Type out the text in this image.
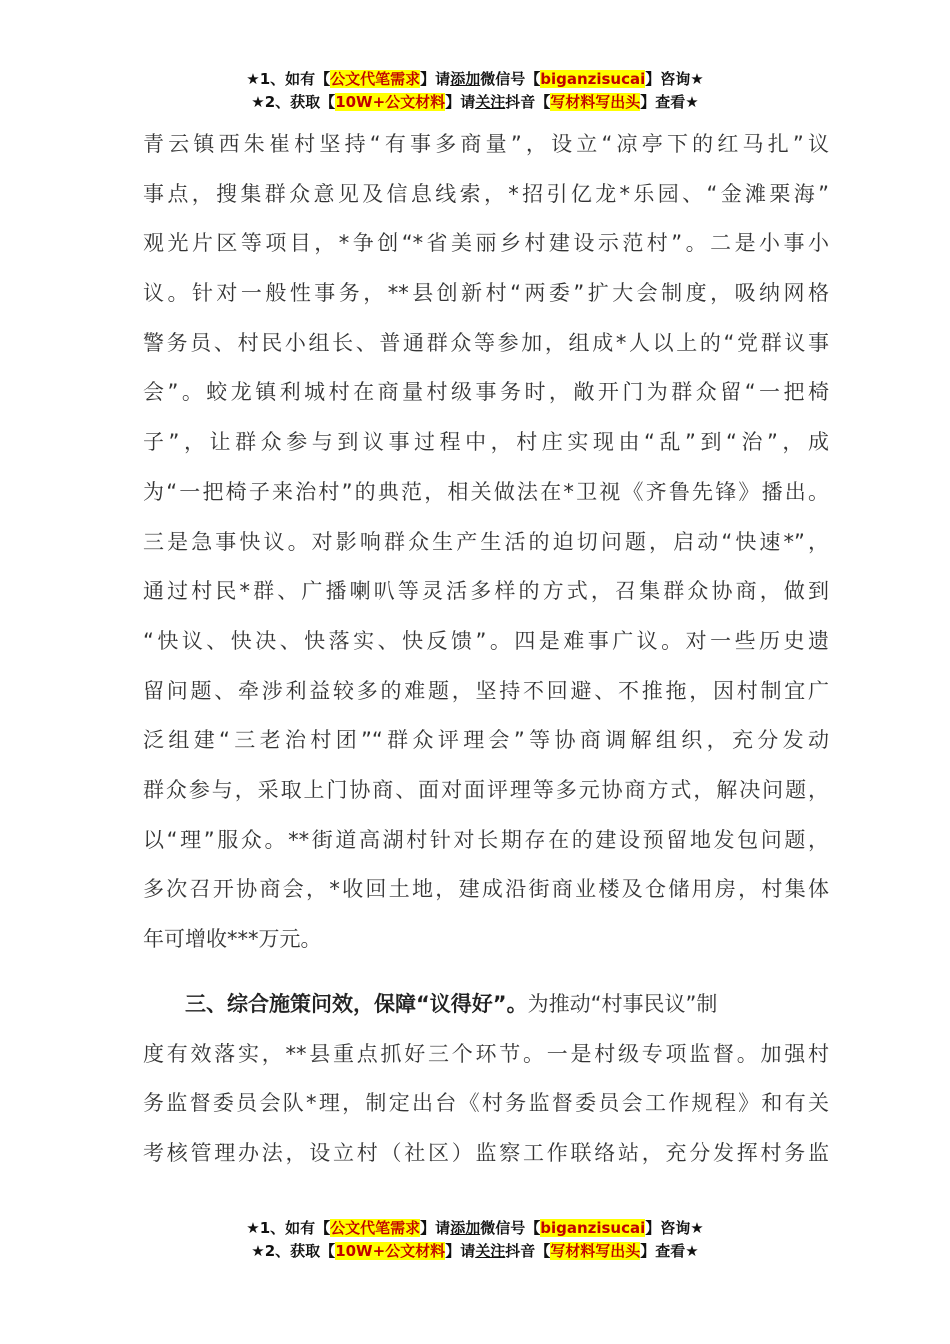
★1、如有【公文代笔需求】请添加微信号【biganzisucai】咨询★
★2、获取【10W+公文材料】请关注抖音【写材料写出头】查看★
青云镇西朱崔村坚持“有事多商量”，设立“凉亭下的红马扎”议
事点，搜集群众意见及信息线索，*招引亿龙*乐园、“金滩栗海”
观光片区等项目，*争创“*省美丽乡村建设示范村”。二是小事小
议。针对一般性事务，**县创新村“两委”扩大会制度，吸纳网格
警务员、村民小组长、普通群众等参加，组成*人以上的“党群议事
会”。蛟龙镇利城村在商量村级事务时，敞开门为群众留“一把椅
子”，让群众参与到议事过程中，村庄实现由“乱”到“治”，成
为“一把椅子来治村”的典范，相关做法在*卫视《齐鲁先锋》播出。
三是急事快议。对影响群众生产生活的迫切问题，启动“快速*”，
通过村民*群、广播喇叭等灵活多样的方式，召集群众协商，做到
“快议、快决、快落实、快反馈”。四是难事广议。对一些历史遗
留问题、牵涉利益较多的难题，坚持不回避、不推拖，因村制宜广
泛组建“三老治村团”“群众评理会”等协商调解组织，充分发动
群众参与，采取上门协商、面对面评理等多元协商方式，解决问题，
以“理”服众。**街道高湖村针对长期存在的建设预留地发包问题，
多次召开协商会，*收回土地，建成沿街商业楼及仓储用房，村集体
年可增收***万元。
三、综合施策问效，保障“议得好”。为推动“村事民议”制
度有效落实，**县重点抓好三个环节。一是村级专项监督。加强村
务监督委员会队*理，制定出台《村务监督委员会工作规程》和有关
考核管理办法，设立村（社区）监察工作联络站，充分发挥村务监
★1、如有【公文代笔需求】请添加微信号【biganzisucai】咨询★
★2、获取【10W+公文材料】请关注抖音【写材料写出头】查看★
